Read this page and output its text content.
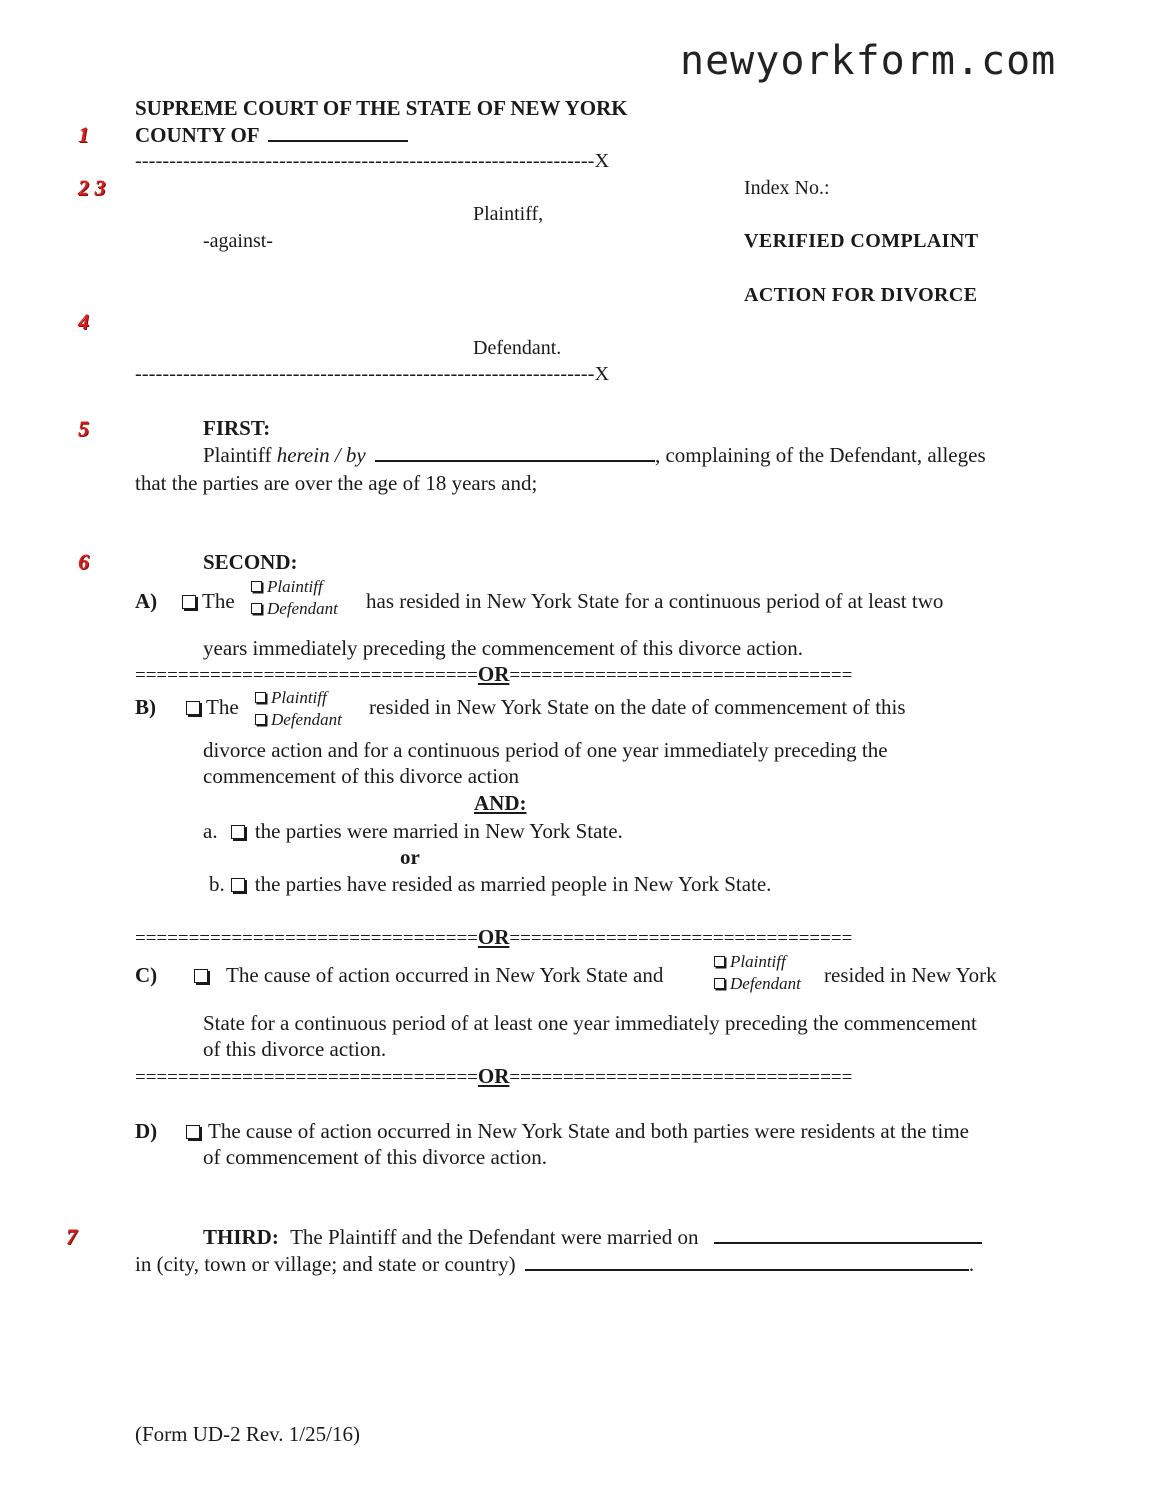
newyorkform.com
1
2 3
4
5
6
7
SUPREME COURT OF THE STATE OF NEW YORK
COUNTY OF
-------------------------------------------------------------------X
Index No.:
Plaintiff,
-against-	VERIFIED COMPLAINT
ACTION FOR DIVORCE
Defendant.
-------------------------------------------------------------------X
FIRST:
Plaintiff herein / by	, complaining of the Defendant, alleges
that the parties are over the age of 18 years and;
SECOND:
A)	The
Plaintiff
Defendant has resided in New York State for a continuous period of at least two
years immediately preceding the commencement of this divorce action.
================================OR================================
B)	The	Plaintiff
Defendant
resided in New York State on the date of commencement of this
divorce action and for a continuous period of one year immediately preceding the
commencement of this divorce action
AND:
a. the parties were married in New York State.
or
b. the parties have resided as married people in New York State.
================================OR================================
C)	The cause of action occurred in New York State and
Plaintiff
Defendant resided in New York
State for a continuous period of at least one year immediately preceding the commencement
of this divorce action.
================================OR================================
D)	The cause of action occurred in New York State and both parties were residents at the time
of commencement of this divorce action.
THIRD: The Plaintiff and the Defendant were married on
in (city, town or village; and state or country)	.
(Form UD-2 Rev. 1/25/16)
